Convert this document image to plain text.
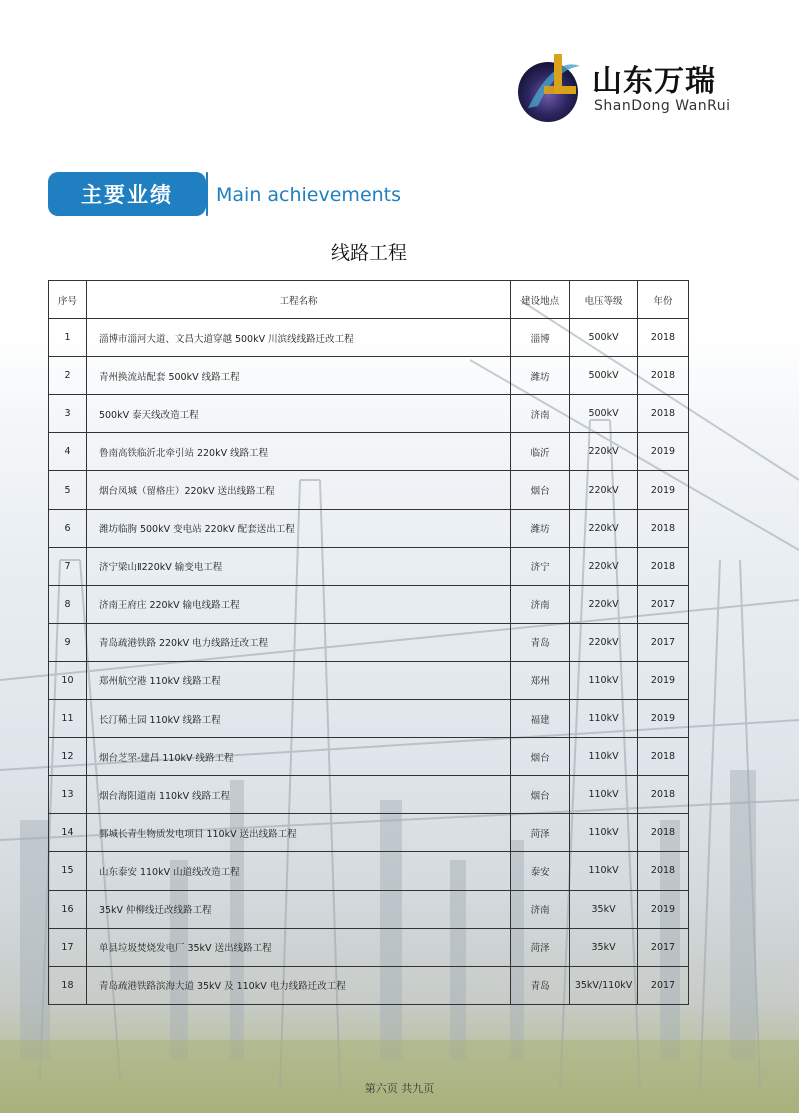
山东万瑞
ShanDong WanRui
主要业绩	Main achievements
线路工程
序号	工程名称	建设地点	电压等级	年份
1	淄博市淄河大道、文昌大道穿越 500kV 川滨线线路迁改工程	淄博	500kV	2018
2	青州换流站配套 500kV 线路工程	潍坊	500kV	2018
3	500kV 泰天线改造工程	济南	500kV	2018
4	鲁南高铁临沂北牵引站 220kV 线路工程	临沂	220kV	2019
5	烟台凤城（留格庄）220kV 送出线路工程	烟台	220kV	2019
6	潍坊临朐 500kV 变电站 220kV 配套送出工程	潍坊	220kV	2018
7	济宁梁山Ⅱ220kV 输变电工程	济宁	220kV	2018
8	济南王府庄 220kV 输电线路工程	济南	220kV	2017
9	青岛疏港铁路 220kV 电力线路迁改工程	青岛	220kV	2017
10	郑州航空港 110kV 线路工程	郑州	110kV	2019
11	长汀稀土园 110kV 线路工程	福建	110kV	2019
12	烟台芝罘-建昌 110kV 线路工程	烟台	110kV	2018
13	烟台海阳道南 110kV 线路工程	烟台	110kV	2018
14	鄄城长青生物质发电项目 110kV 送出线路工程	菏泽	110kV	2018
15	山东泰安 110kV 山道线改造工程	泰安	110kV	2018
16	35kV 仲柳线迁改线路工程	济南	35kV	2019
17	单县垃圾焚烧发电厂 35kV 送出线路工程	菏泽	35kV	2017
18	青岛疏港铁路滨海大道 35kV 及 110kV 电力线路迁改工程	青岛	35kV/110kV	2017
第六页 共九页
